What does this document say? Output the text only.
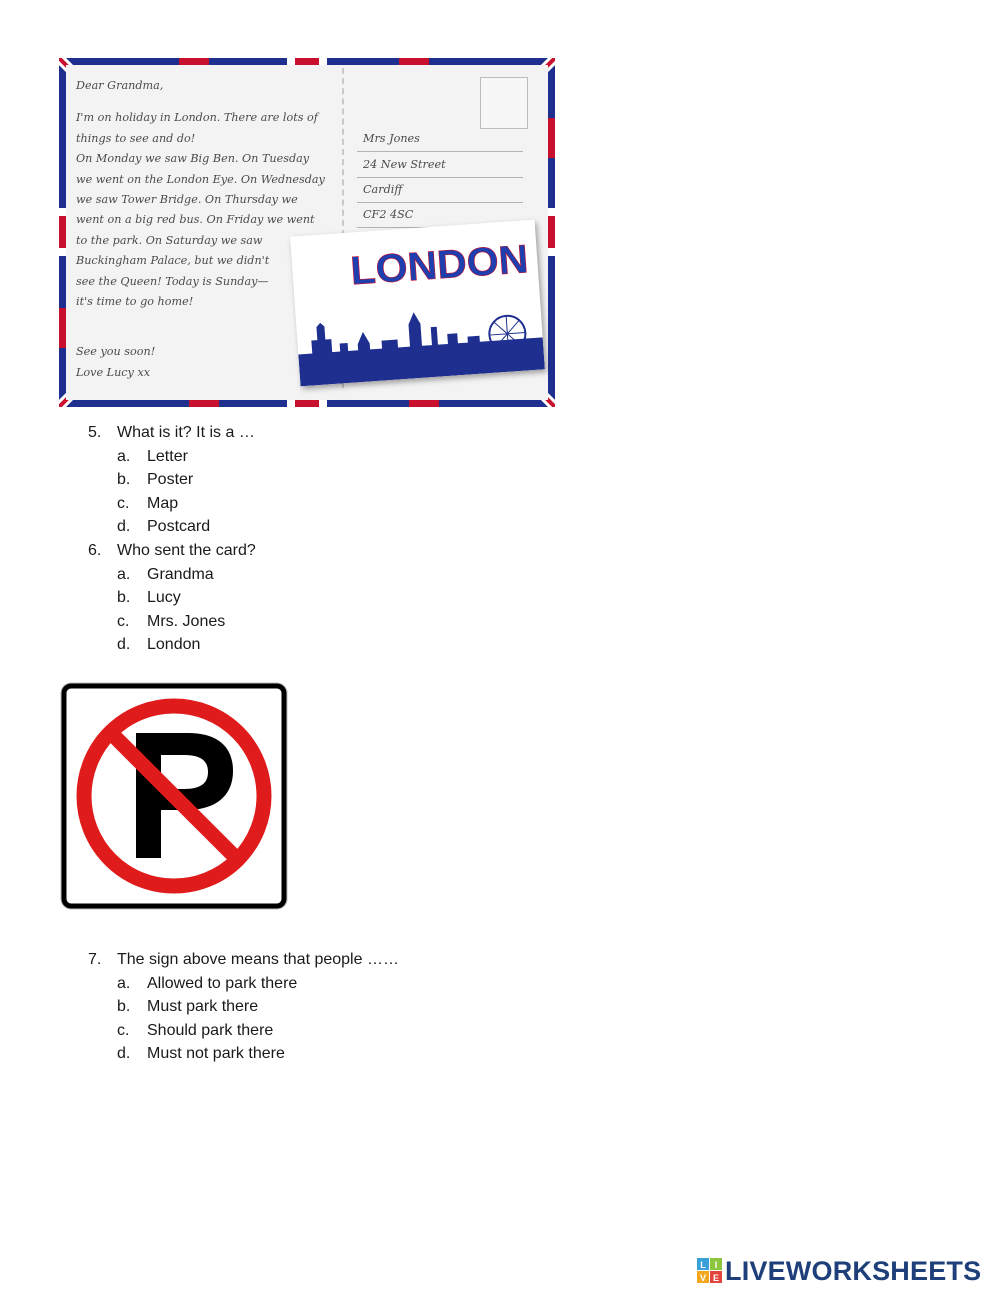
Dear Grandma,

I'm on holiday in London. There are lots of

things to see and do!

On Monday we saw Big Ben. On Tuesday

we went on the London Eye. On Wednesday

we saw Tower Bridge. On Thursday we

went on a big red bus. On Friday we went

to the park. On Saturday we saw

Buckingham Palace, but we didn't

see the Queen! Today is Sunday—

it's time to go home!

See you soon!

Love Lucy xx

Mrs Jones
24 New Street
Cardiff
CF2 4SC
LONDON
5. What is it? It is a …
a.	Letter
b.	Poster
c.	Map
d.	Postcard
6. Who sent the card?
a.	Grandma
b.	Lucy
c.	Mrs. Jones
d.	London
7. The sign above means that people ……
a.	Allowed to park there
b.	Must park there
c.	Should park there
d.	Must not park there
L I
V E LIVEWORKSHEETS
